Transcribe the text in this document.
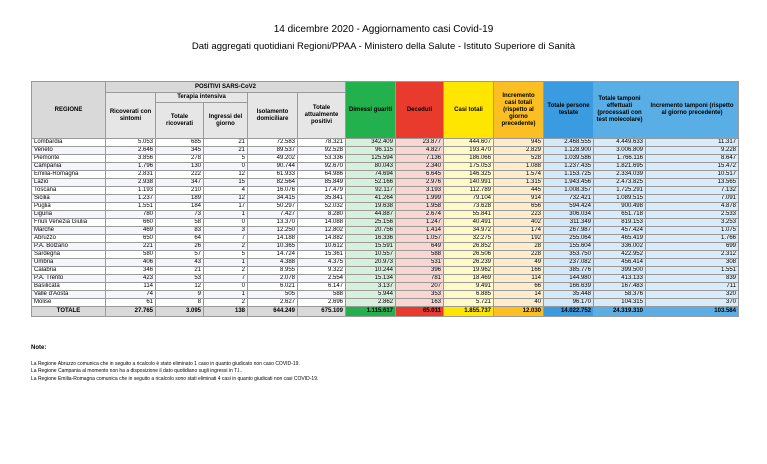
14 dicembre 2020 - Aggiornamento casi Covid-19
Dati aggregati quotidiani Regioni/PPAA - Ministero della Salute - Istituto Superiore di Sanità
REGIONE	POSITIVI SARS-CoV2					Dimessi guariti	Deceduti	Casi totali	Incremento casi totali (rispetto al giorno precedente)	Totale persone testate	Totale tamponi effettuati (processati con test molecolare)	Incremento tamponi (rispetto al giorno precedente)
	Ricoverati con sintomi	Terapia intensiva		Isolamento domiciliare	Totale attualmente positivi							
		Totale ricoverati	Ingressi del giorno									
Lombardia	5.053	685	21	72.583	78.321	342.409	23.877	444.607	945	2.468.555	4.449.633	11.317
Veneto	2.646	345	21	89.537	92.528	96.115	4.827	193.470	2.829	1.128.900	3.006.809	9.228
Piemonte	3.856	278	5	49.202	53.336	125.594	7.136	186.066	528	1.039.586	1.766.116	8.647
Campania	1.796	130	0	90.744	92.670	80.043	2.340	175.053	1.088	1.237.435	1.821.695	15.472
Emilia-Romagna	2.831	222	12	61.933	64.986	74.694	6.645	146.325	1.574	1.153.725	2.334.039	10.517
Lazio	2.938	347	15	82.564	85.849	52.166	2.976	140.991	1.315	1.943.456	2.473.825	13.565
Toscana	1.193	210	4	16.076	17.479	92.117	3.193	112.789	445	1.008.357	1.725.291	7.132
Sicilia	1.237	189	12	34.415	35.841	41.264	1.999	79.104	914	732.421	1.089.515	7.091
Puglia	1.551	184	17	50.297	52.032	19.638	1.958	73.628	656	594.424	900.498	4.878
Liguria	780	73	1	7.427	8.280	44.887	2.674	55.841	223	306.034	651.718	2.533
Friuli Venezia Giulia	660	58	0	13.370	14.088	25.156	1.247	40.491	402	311.349	819.153	3.253
Marche	469	83	3	12.250	12.802	20.756	1.414	34.972	174	267.987	457.424	1.075
Abruzzo	650	64	7	14.188	14.882	16.336	1.057	32.275	192	255.064	465.419	1.766
P.A. Bolzano	221	26	2	10.365	10.612	15.591	649	26.852	28	155.604	336.002	699
Sardegna	580	57	5	14.724	15.361	10.557	588	26.506	228	353.750	422.952	2.312
Umbria	406	43	1	4.388	4.375	20.973	531	26.239	49	237.082	456.414	308
Calabria	346	21	2	8.955	9.322	10.244	396	19.962	166	385.776	399.500	1.551
P.A. Trento	423	53	7	2.078	2.554	15.134	781	18.469	114	144.980	413.133	839
Basilicata	114	12	0	6.021	6.147	3.137	207	9.491	66	166.639	167.483	711
Valle d'Aosta	74	9	1	505	588	5.944	353	6.885	14	35.448	58.376	320
Molise	61	8	2	2.627	2.696	2.862	163	5.721	40	96.170	104.315	370
TOTALE	27.765	3.095	138	644.249	675.109	1.115.617	65.011	1.855.737	12.030	14.022.752	24.319.310	103.584
Note:
La Regione Abruzzo comunica che in seguito a ricalcolo è stato eliminato 1 caso in quanto giudicato non caso COVID-19.
La Regione Campania al momento non ha a disposizione il dato quotidiano sugli ingressi in T.I..
La Regione Emilia-Romagna comunica che in seguito a ricalcolo sono stati eliminati 4 casi in quanto giudicati non casi COVID-19.
